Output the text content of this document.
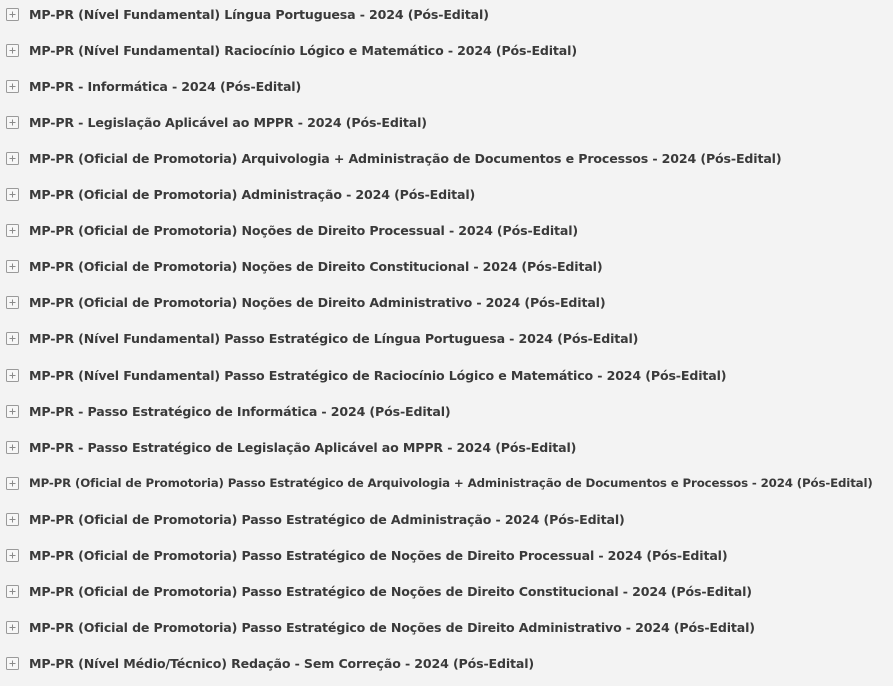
MP-PR (Nível Fundamental) Língua Portuguesa - 2024 (Pós-Edital)
MP-PR (Nível Fundamental) Raciocínio Lógico e Matemático - 2024 (Pós-Edital)
MP-PR - Informática - 2024 (Pós-Edital)
MP-PR - Legislação Aplicável ao MPPR - 2024 (Pós-Edital)
MP-PR (Oficial de Promotoria) Arquivologia + Administração de Documentos e Processos - 2024 (Pós-Edital)
MP-PR (Oficial de Promotoria) Administração - 2024 (Pós-Edital)
MP-PR (Oficial de Promotoria) Noções de Direito Processual - 2024 (Pós-Edital)
MP-PR (Oficial de Promotoria) Noções de Direito Constitucional - 2024 (Pós-Edital)
MP-PR (Oficial de Promotoria) Noções de Direito Administrativo - 2024 (Pós-Edital)
MP-PR (Nível Fundamental) Passo Estratégico de Língua Portuguesa - 2024 (Pós-Edital)
MP-PR (Nível Fundamental) Passo Estratégico de Raciocínio Lógico e Matemático - 2024 (Pós-Edital)
MP-PR - Passo Estratégico de Informática - 2024 (Pós-Edital)
MP-PR - Passo Estratégico de Legislação Aplicável ao MPPR - 2024 (Pós-Edital)
MP-PR (Oficial de Promotoria) Passo Estratégico de Arquivologia + Administração de Documentos e Processos - 2024 (Pós-Edital)
MP-PR (Oficial de Promotoria) Passo Estratégico de Administração - 2024 (Pós-Edital)
MP-PR (Oficial de Promotoria) Passo Estratégico de Noções de Direito Processual - 2024 (Pós-Edital)
MP-PR (Oficial de Promotoria) Passo Estratégico de Noções de Direito Constitucional - 2024 (Pós-Edital)
MP-PR (Oficial de Promotoria) Passo Estratégico de Noções de Direito Administrativo - 2024 (Pós-Edital)
MP-PR (Nível Médio/Técnico) Redação - Sem Correção - 2024 (Pós-Edital)
